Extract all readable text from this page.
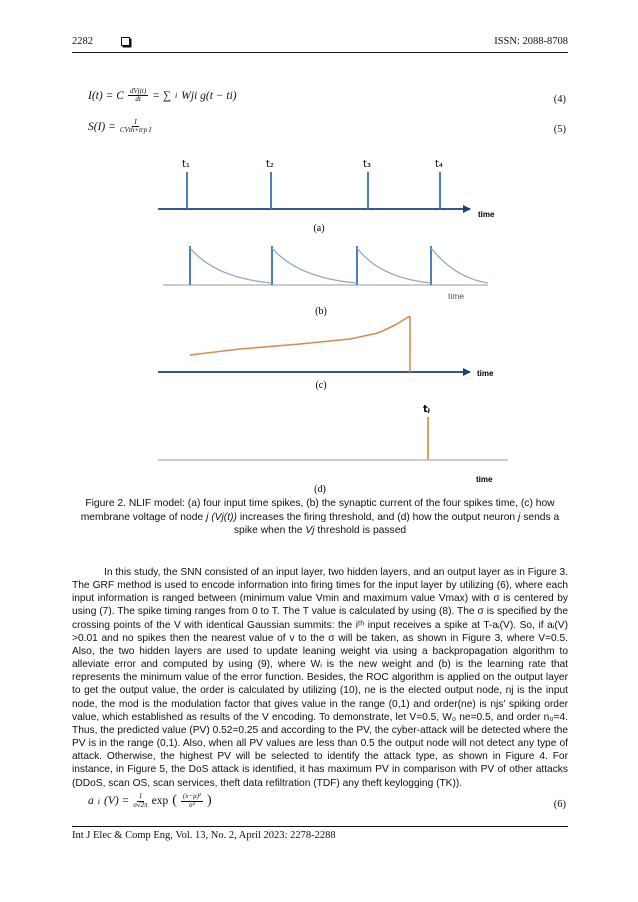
2282	ISSN: 2088-8708
I(t) = C $\frac{\text{dVj(t)}}{dt}$ = ∑ i Wji g(t − ti)	(4)
$S(I) = \frac{I}{\text{CVth+trp I}}$	(5)
t₁	t₂	t₃	t₄
time
(a)
time
(b)
time
(c)
tⱼ
time
(d)
Figure 2. NLIF model: (a) four input time spikes, (b) the synaptic current of the four spikes time, (c) how
membrane voltage of node j (Vj(t)) increases the firing threshold, and (d) how the output neuron j sends a
spike when the Vj threshold is passed

In this study, the SNN consisted of an input layer, two hidden layers, and an output layer as in Figure 3. The GRF method is used to encode information into firing times for the input layer by utilizing (6), where each input information is ranged between (minimum value Vmin and maximum value Vmax) with σ is centered by using (7). The spike timing ranges from 0 to T. The T value is calculated by using (8). The σ is specified by the crossing points of the V with identical Gaussian summits: the iᵗʰ input receives a spike at T-aᵢ(V). So, if aᵢ(V) >0.01 and no spikes then the nearest value of v to the σ will be taken, as shown in Figure 3, where V=0.5. Also, the two hidden layers are used to update leaning weight via using a backpropagation algorithm to alleviate error and computed by using (9), where Wᵢ is the new weight and (b) is the learning rate that represents the minimum value of the error function. Besides, the ROC algorithm is applied on the output layer to get the output value, the order is calculated by utilizing (10), ne is the elected output node, nj is the input node, the mod is the modulation factor that gives value in the range (0,1) and order(ne) is njs’ spiking order value, which established as results of the V encoding. To demonstrate, let V=0.5, W₀ ne=0.5, and order n₀=4. Thus, the predicted value (PV) 0.52=0.25 and according to the PV, the cyber-attack will be detected where the PV is in the range (0,1). Also, when all PV values are less than 0.5 the output node will not detect any type of attack. Otherwise, the highest PV will be selected to identify the attack type, as shown in Figure 4. For instance, in Figure 5, the DoS attack is identified, it has maximum PV in comparison with PV of other attacks (DDoS, scan OS, scan services, theft data refiltration (TDF) any theft keylogging (TK)).

a i $(V) = \frac{1}{\sigma√2\pi}$ exp ( $\frac{\text{(x−μ)²}}{\text{σ²}}$ )	(6)
Int J Elec & Comp Eng, Vol. 13, No. 2, April 2023: 2278-2288
